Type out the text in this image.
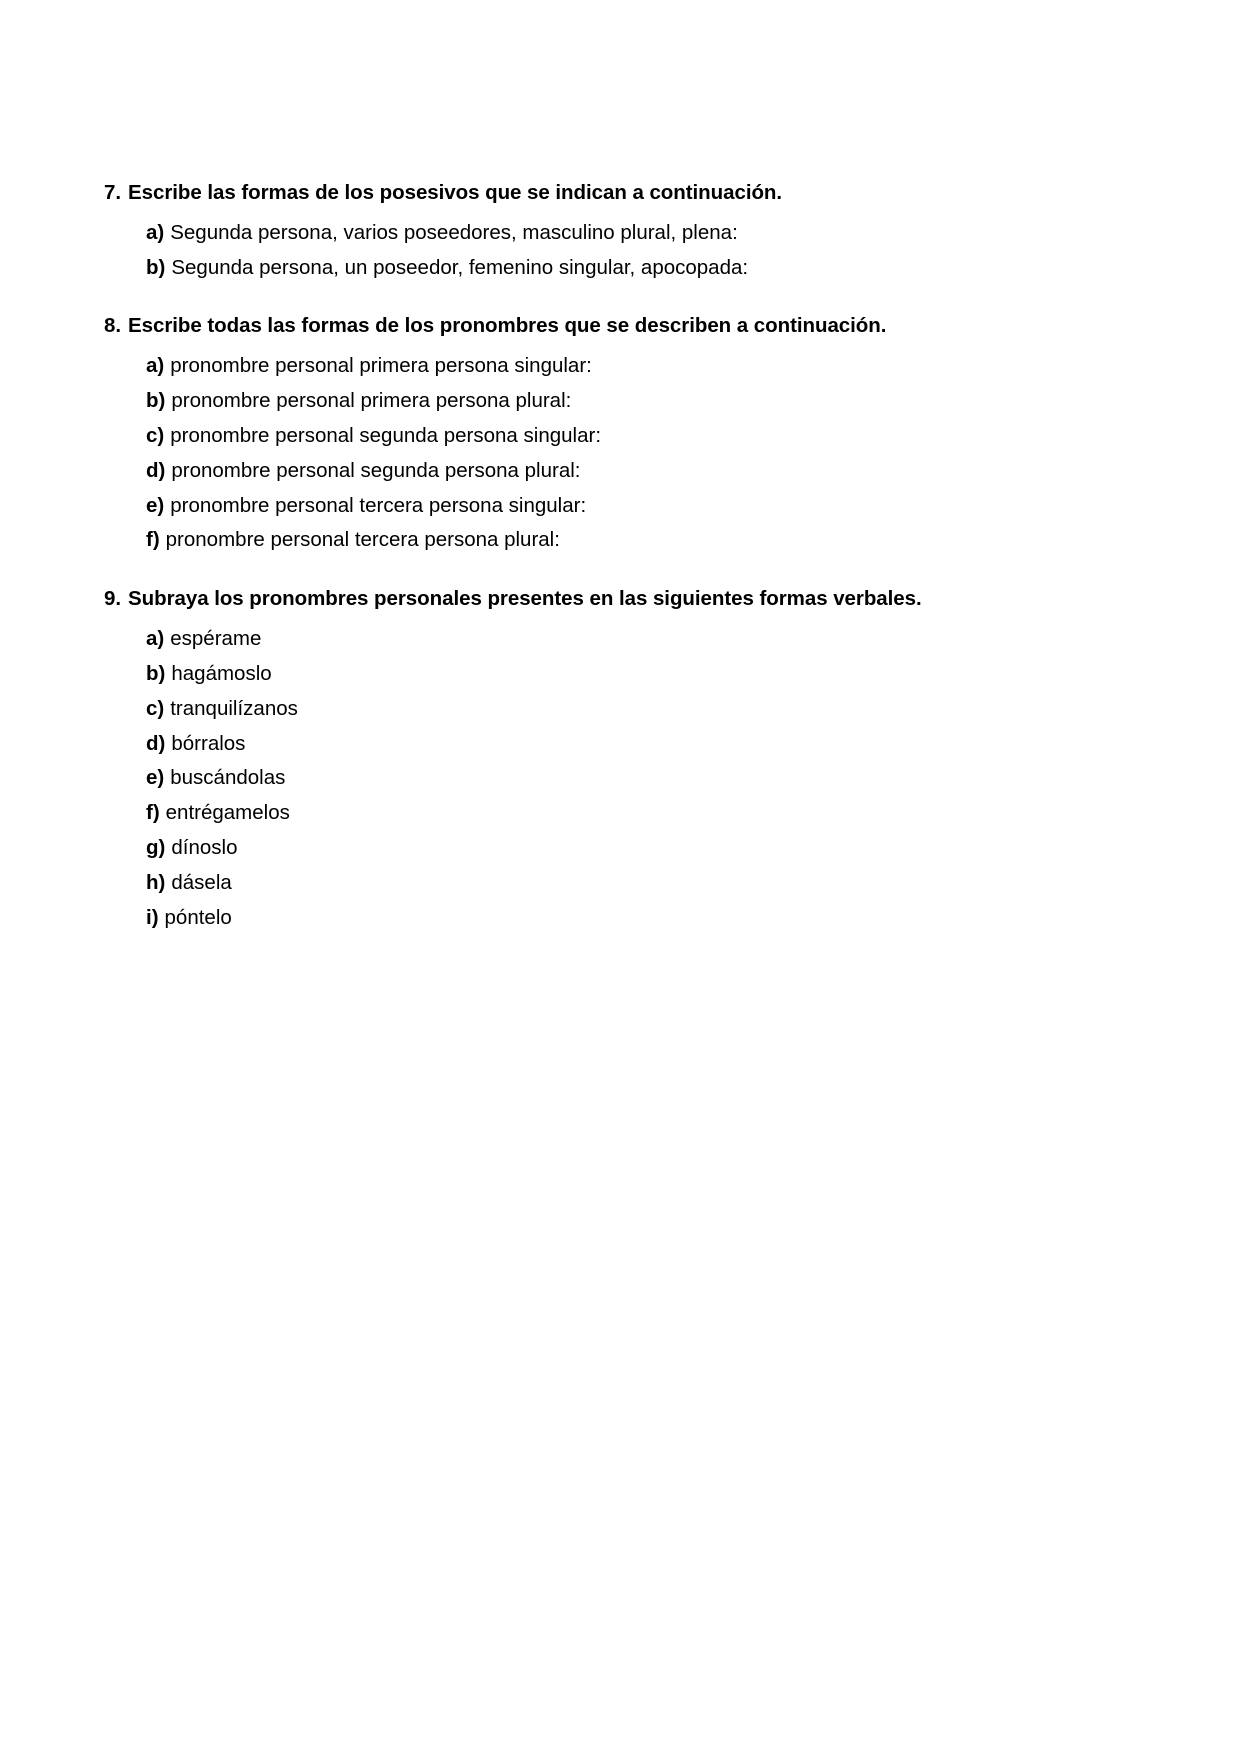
7. Escribe las formas de los posesivos que se indican a continuación.
a) Segunda persona, varios poseedores, masculino plural, plena:
b) Segunda persona, un poseedor, femenino singular, apocopada:
8. Escribe todas las formas de los pronombres que se describen a continuación.
a) pronombre personal primera persona singular:
b) pronombre personal primera persona plural:
c) pronombre personal segunda persona singular:
d) pronombre personal segunda persona plural:
e) pronombre personal tercera persona singular:
f) pronombre personal tercera persona plural:
9. Subraya los pronombres personales presentes en las siguientes formas verbales.
a) espérame
b) hagámoslo
c) tranquilízanos
d) bórralos
e) buscándolas
f) entrégamelos
g) dínoslo
h) dásela
i) póntelo
